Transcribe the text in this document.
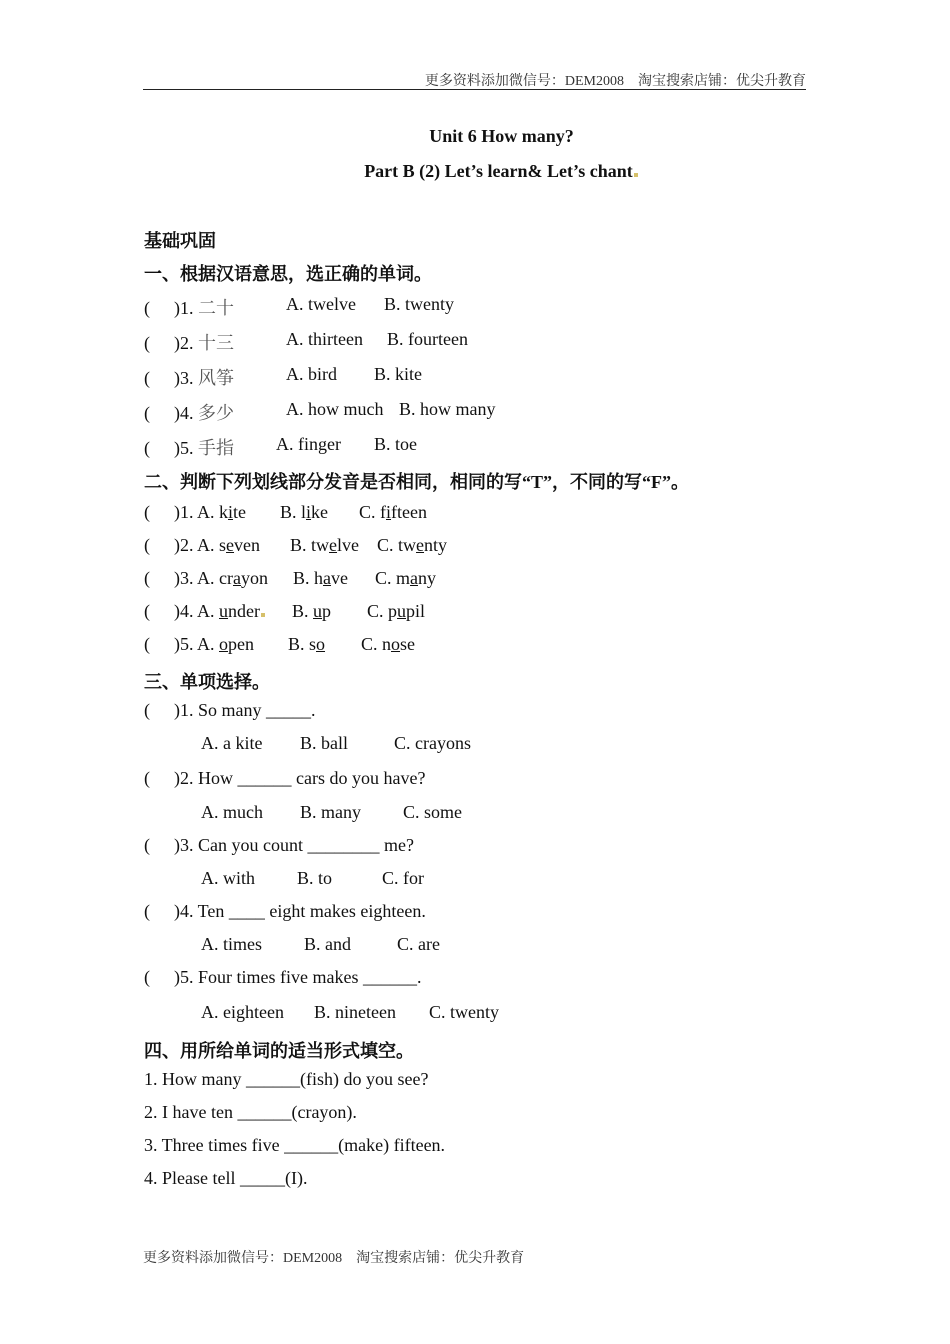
更多资料添加微信号：DEM2008    淘宝搜索店铺：优尖升教育
Unit 6 How many?
Part B (2) Let’s learn& Let’s chant
基础巩固
一、根据汉语意思，选正确的单词。
( )1. 二十	A. twelve B. twenty
( )2. 十三	A. thirteen B. fourteen
( )3. 风筝	A. bird B. kite
( )4. 多少	A. how much B. how many
( )5. 手指 A. finger B. toe
二、判断下列划线部分发音是否相同，相同的写“T”，不同的写“F”。
( )1. A. kite B. like C. fifteen
( )2. A. seven B. twelve C. twenty
( )3. A. crayon B. have C. many
( )4. A. under B. up C. pupil
( )5. A. open B. so C. nose
三、单项选择。
( )1. So many _____.
A. a kite B. ball	C. crayons
( )2. How ______ cars do you have?
A. much B. many C. some
( )3. Can you count ________ me?
A. with B. to	C. for
( )4. Ten ____ eight makes eighteen.
A. times B. and	C. are
( )5. Four times five makes ______.
A. eighteen B. nineteen C. twenty
四、用所给单词的适当形式填空。
1. How many ______(fish) do you see?
2. I have ten ______(crayon).
3. Three times five ______(make) fifteen.
4. Please tell _____(I).
更多资料添加微信号：DEM2008    淘宝搜索店铺：优尖升教育
